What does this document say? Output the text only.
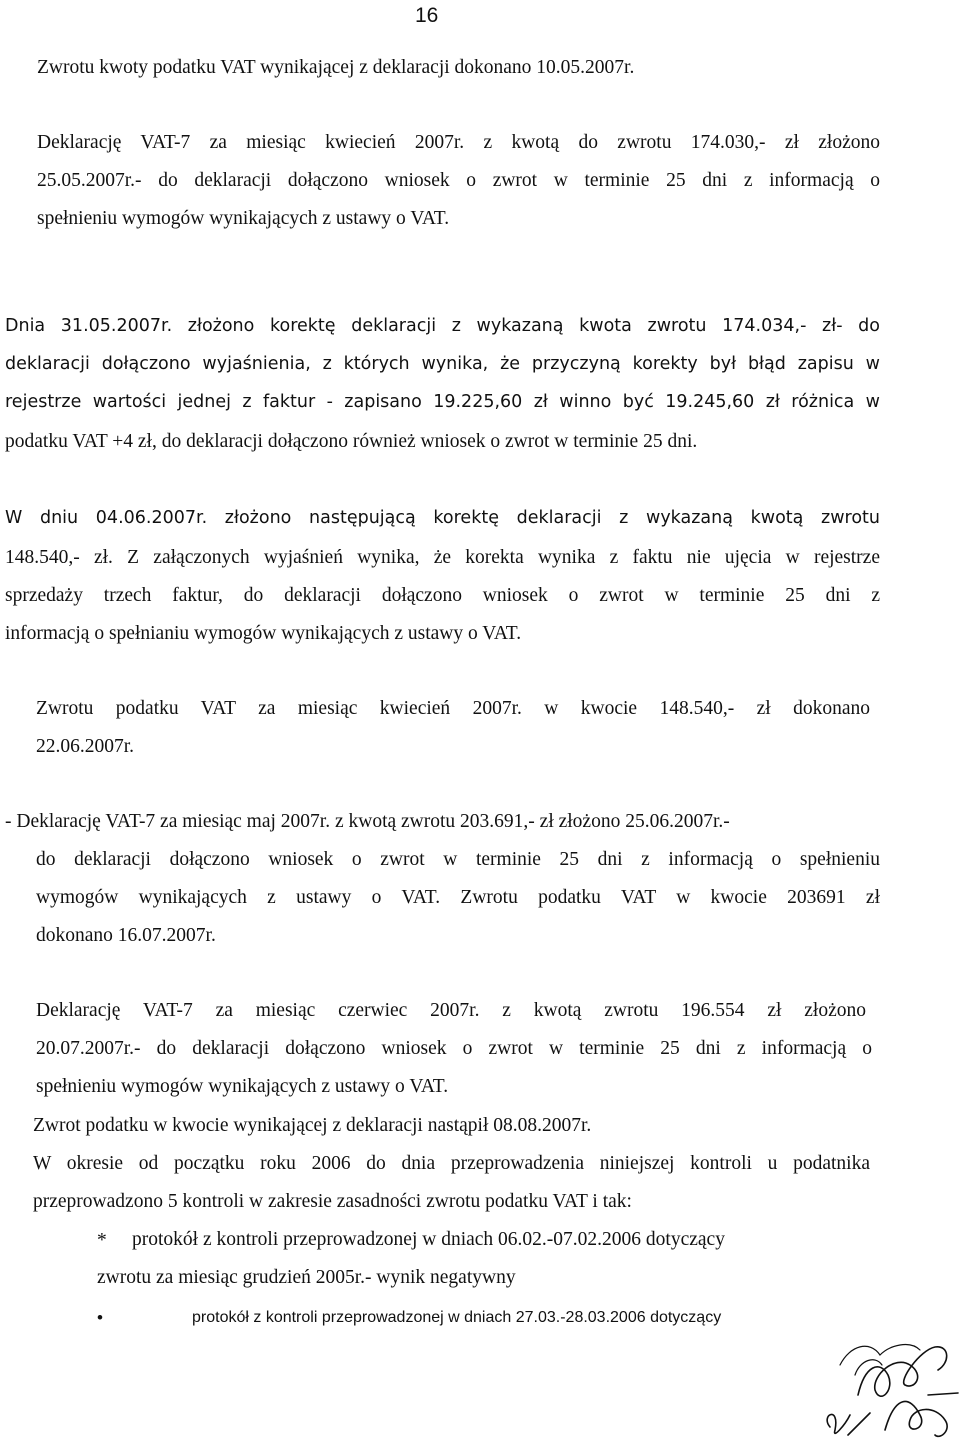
16
Zwrotu kwoty podatku VAT wynikającej z deklaracji dokonano 10.05.2007r.
Deklarację VAT-7 za miesiąc kwiecień 2007r. z kwotą do zwrotu 174.030,- zł złożono
25.05.2007r.- do deklaracji dołączono wniosek o zwrot w terminie 25 dni z informacją o
spełnieniu wymogów wynikających z ustawy o VAT.
Dnia 31.05.2007r. złożono korektę deklaracji z wykazaną kwota zwrotu 174.034,- zł- do
deklaracji dołączono wyjaśnienia, z których wynika, że przyczyną korekty był błąd zapisu w
rejestrze wartości jednej z faktur - zapisano 19.225,60 zł winno być 19.245,60 zł różnica w
podatku VAT +4 zł, do deklaracji dołączono również wniosek o zwrot w terminie 25 dni.
W dniu 04.06.2007r. złożono następującą korektę deklaracji z wykazaną kwotą zwrotu
148.540,- zł. Z załączonych wyjaśnień wynika, że korekta wynika z faktu nie ujęcia w rejestrze
sprzedaży trzech faktur, do deklaracji dołączono wniosek o zwrot w terminie 25 dni z
informacją o spełnianiu wymogów wynikających z ustawy o VAT.
Zwrotu podatku VAT za miesiąc kwiecień 2007r. w kwocie 148.540,- zł dokonano
22.06.2007r.
- Deklarację VAT-7 za miesiąc maj 2007r. z kwotą zwrotu 203.691,- zł złożono 25.06.2007r.-
do deklaracji dołączono wniosek o zwrot w terminie 25 dni z informacją o spełnieniu
wymogów wynikających z ustawy o VAT. Zwrotu podatku VAT w kwocie 203691 zł
dokonano 16.07.2007r.
Deklarację VAT-7 za miesiąc czerwiec 2007r. z kwotą zwrotu 196.554 zł złożono
20.07.2007r.- do deklaracji dołączono wniosek o zwrot w terminie 25 dni z informacją o
spełnieniu wymogów wynikających z ustawy o VAT.
Zwrot podatku w kwocie wynikającej z deklaracji nastąpił 08.08.2007r.
W okresie od początku roku 2006 do dnia przeprowadzenia niniejszej kontroli u podatnika
przeprowadzono 5 kontroli w zakresie zasadności zwrotu podatku VAT i tak:
* protokół z kontroli przeprowadzonej w dniach 06.02.-07.02.2006 dotyczący
zwrotu za miesiąc grudzień 2005r.- wynik negatywny
•	protokół z kontroli przeprowadzonej w dniach 27.03.-28.03.2006 dotyczący
